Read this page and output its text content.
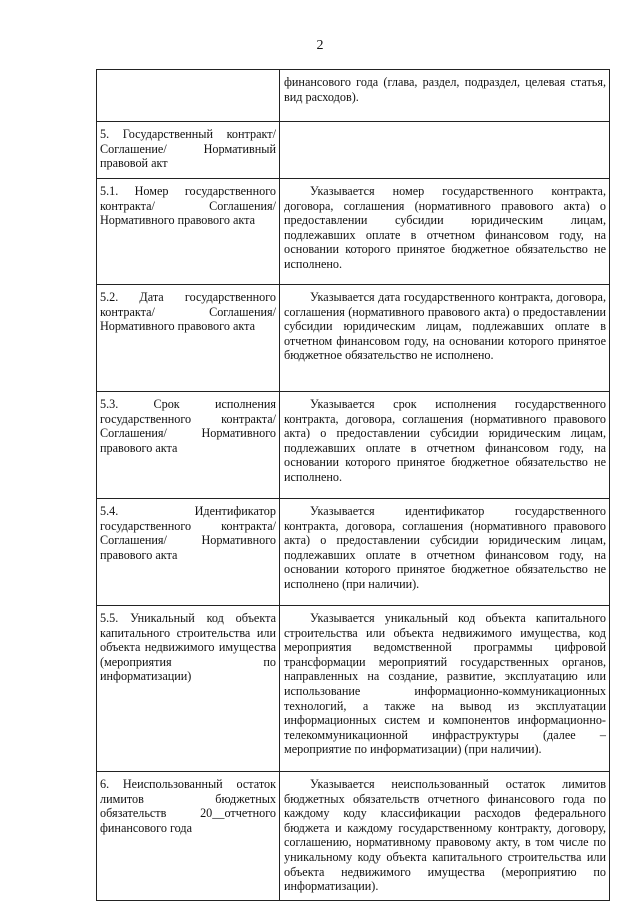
2
	финансового года (глава, раздел, подраздел, целевая статья, вид расходов).
5. Государственный контракт/ Соглашение/ Нормативный правовой акт	
5.1. Номер государственного контракта/ Соглашения/ Нормативного правового акта	Указывается номер государственного контракта, договора, соглашения (нормативного правового акта) о предоставлении субсидии юридическим лицам, подлежавших оплате в отчетном финансовом году, на основании которого принятое бюджетное обязательство не исполнено.

5.2. Дата государственного контракта/ Соглашения/ Нормативного правового акта	Указывается дата государственного контракта, договора, соглашения (нормативного правового акта) о предоставлении субсидии юридическим лицам, подлежавших оплате в отчетном финансовом году, на основании которого принятое бюджетное обязательство не исполнено.

5.3. Срок исполнения государственного контракта/ Соглашения/ Нормативного правового акта	Указывается срок исполнения государственного контракта, договора, соглашения (нормативного правового акта) о предоставлении субсидии юридическим лицам, подлежавших оплате в отчетном финансовом году, на основании которого принятое бюджетное обязательство не исполнено.

5.4. Идентификатор государственного контракта/ Соглашения/ Нормативного правового акта	Указывается идентификатор государственного контракта, договора, соглашения (нормативного правового акта) о предоставлении субсидии юридическим лицам, подлежавших оплате в отчетном финансовом году, на основании которого принятое бюджетное обязательство не исполнено (при наличии).

5.5. Уникальный код объекта капитального строительства или объекта недвижимого имущества (мероприятия по информатизации)	Указывается уникальный код объекта капитального строительства или объекта недвижимого имущества, код мероприятия ведомственной программы цифровой трансформации мероприятий государственных органов, направленных на создание, развитие, эксплуатацию или использование информационно-коммуникационных технологий, а также на вывод из эксплуатации информационных систем и компонентов информационно-телекоммуникационной инфраструктуры (далее – мероприятие по информатизации) (при наличии).

6. Неиспользованный остаток лимитов бюджетных обязательств 20__отчетного финансового года	Указывается неиспользованный остаток лимитов бюджетных обязательств отчетного финансового года по каждому коду классификации расходов федерального бюджета и каждому государственному контракту, договору, соглашению, нормативному правовому акту, в том числе по уникальному коду объекта капитального строительства или объекта недвижимого имущества (мероприятию по информатизации).
